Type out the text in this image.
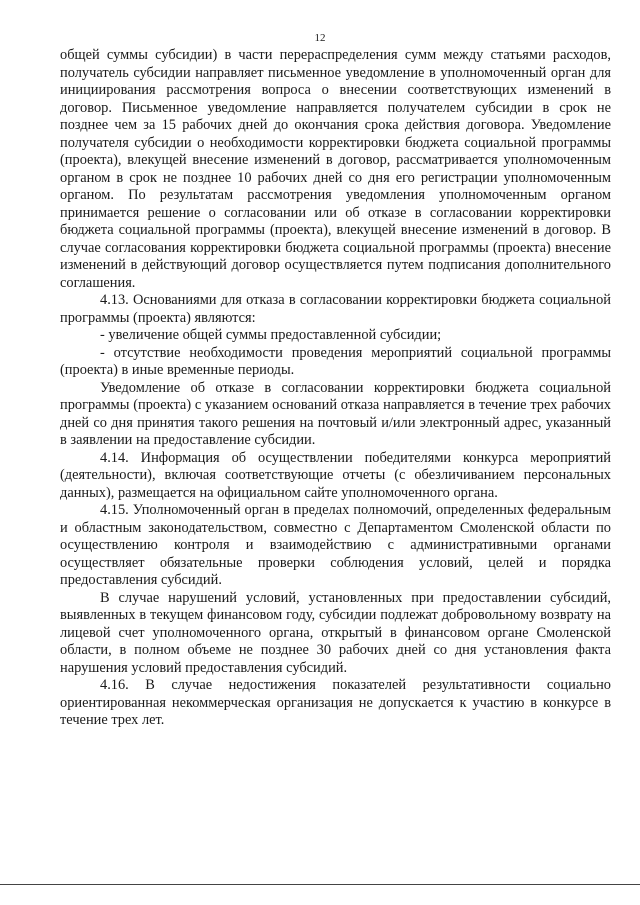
12

общей суммы субсидии) в части перераспределения сумм между статьями расходов, получатель субсидии направляет письменное уведомление в уполномоченный орган для инициирования рассмотрения вопроса о внесении соответствующих изменений в договор. Письменное уведомление направляется получателем субсидии в срок не позднее чем за 15 рабочих дней до окончания срока действия договора. Уведомление получателя субсидии о необходимости корректировки бюджета социальной программы (проекта), влекущей внесение изменений в договор, рассматривается уполномоченным органом в срок не позднее 10 рабочих дней со дня его регистрации уполномоченным органом. По результатам рассмотрения уведомления уполномоченным органом принимается решение о согласовании или об отказе в согласовании корректировки бюджета социальной программы (проекта), влекущей внесение изменений в договор. В случае согласования корректировки бюджета социальной программы (проекта) внесение изменений в действующий договор осуществляется путем подписания дополнительного соглашения.

4.13. Основаниями для отказа в согласовании корректировки бюджета социальной программы (проекта) являются:

- увеличение общей суммы предоставленной субсидии;

- отсутствие необходимости проведения мероприятий социальной программы (проекта) в иные временные периоды.

Уведомление об отказе в согласовании корректировки бюджета социальной программы (проекта) с указанием оснований отказа направляется в течение трех рабочих дней со дня принятия такого решения на почтовый и/или электронный адрес, указанный в заявлении на предоставление субсидии.

4.14. Информация об осуществлении победителями конкурса мероприятий (деятельности), включая соответствующие отчеты (с обезличиванием персональных данных), размещается на официальном сайте уполномоченного органа.

4.15. Уполномоченный орган в пределах полномочий, определенных федеральным и областным законодательством, совместно с Департаментом Смоленской области по осуществлению контроля и взаимодействию с административными органами осуществляет обязательные проверки соблюдения условий, целей и порядка предоставления субсидий.

В случае нарушений условий, установленных при предоставлении субсидий, выявленных в текущем финансовом году, субсидии подлежат добровольному возврату на лицевой счет уполномоченного органа, открытый в финансовом органе Смоленской области, в полном объеме не позднее 30 рабочих дней со дня установления факта нарушения условий предоставления субсидий.

4.16. В случае недостижения показателей результативности социально ориентированная некоммерческая организация не допускается к участию в конкурсе в течение трех лет.
